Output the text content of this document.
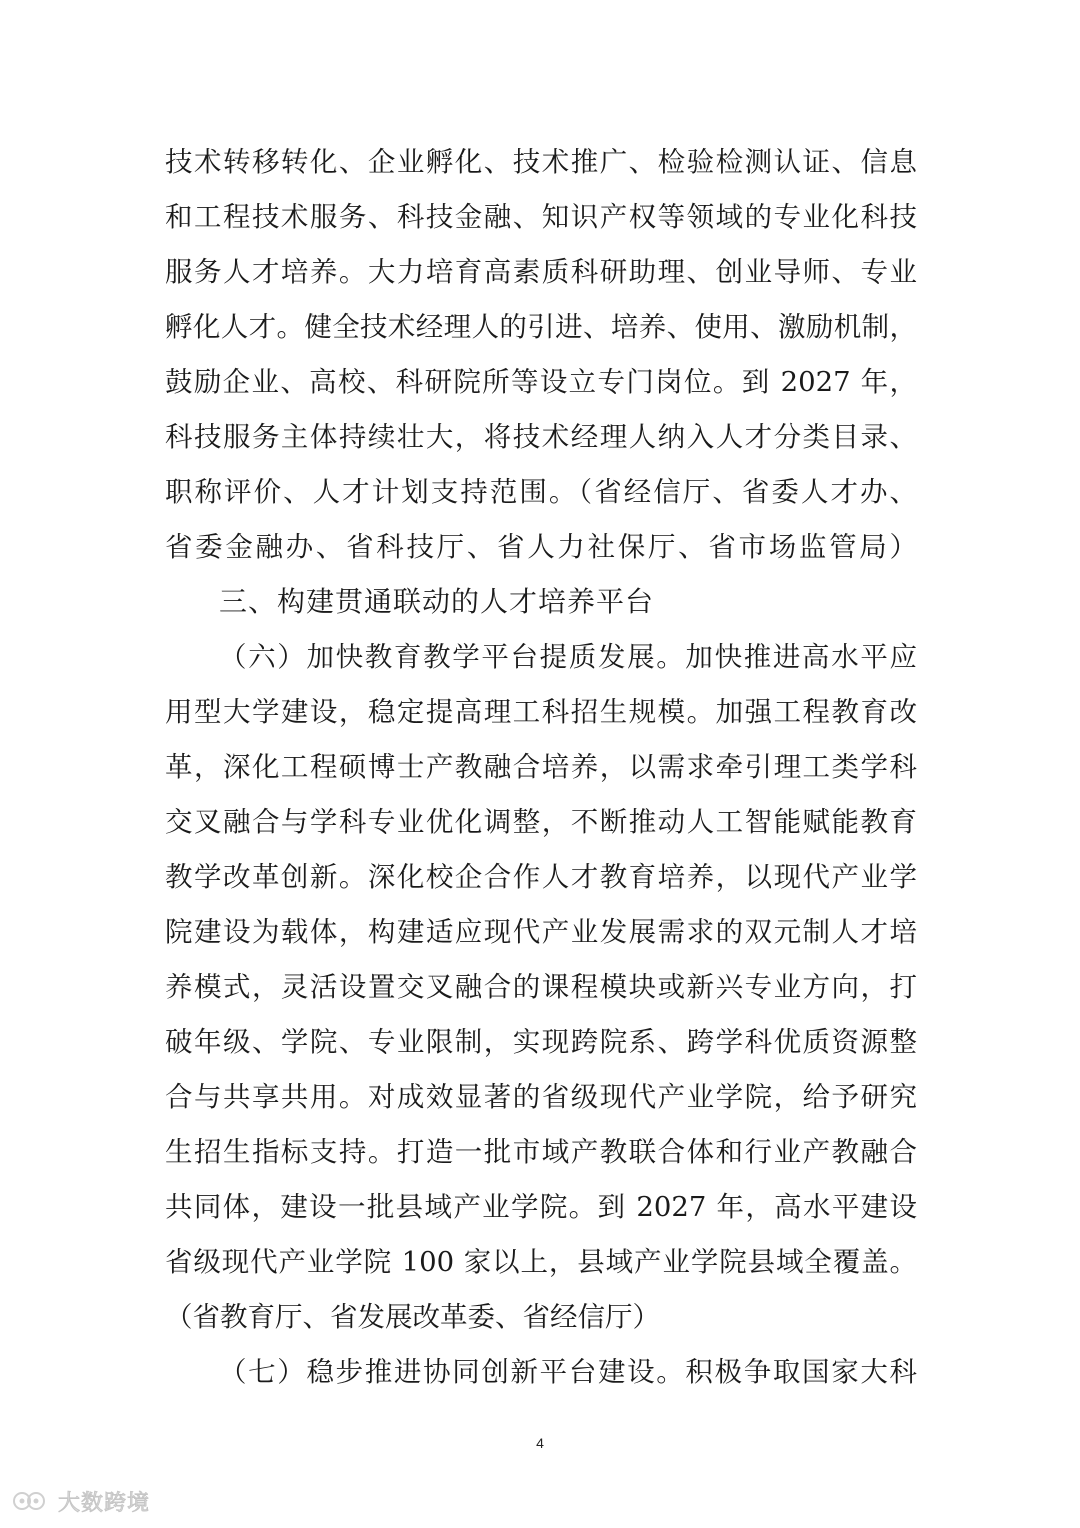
技术转移转化、企业孵化、技术推广、检验检测认证、信息
和工程技术服务、科技金融、知识产权等领域的专业化科技
服务人才培养。大力培育高素质科研助理、创业导师、专业
孵化人才。健全技术经理人的引进、培养、使用、激励机制，
鼓励企业、高校、科研院所等设立专门岗位。到 2027 年，
科技服务主体持续壮大，将技术经理人纳入人才分类目录、
职称评价、人才计划支持范围。（省经信厅、省委人才办、
省委金融办、省科技厅、省人力社保厅、省市场监管局）
三、构建贯通联动的人才培养平台
（六）加快教育教学平台提质发展。加快推进高水平应
用型大学建设，稳定提高理工科招生规模。加强工程教育改
革，深化工程硕博士产教融合培养，以需求牵引理工类学科
交叉融合与学科专业优化调整，不断推动人工智能赋能教育
教学改革创新。深化校企合作人才教育培养，以现代产业学
院建设为载体，构建适应现代产业发展需求的双元制人才培
养模式，灵活设置交叉融合的课程模块或新兴专业方向，打
破年级、学院、专业限制，实现跨院系、跨学科优质资源整
合与共享共用。对成效显著的省级现代产业学院，给予研究
生招生指标支持。打造一批市域产教联合体和行业产教融合
共同体，建设一批县域产业学院。到 2027 年，高水平建设
省级现代产业学院 100 家以上，县域产业学院县域全覆盖。
（省教育厅、省发展改革委、省经信厅）
（七）稳步推进协同创新平台建设。积极争取国家大科
4
大数跨境
